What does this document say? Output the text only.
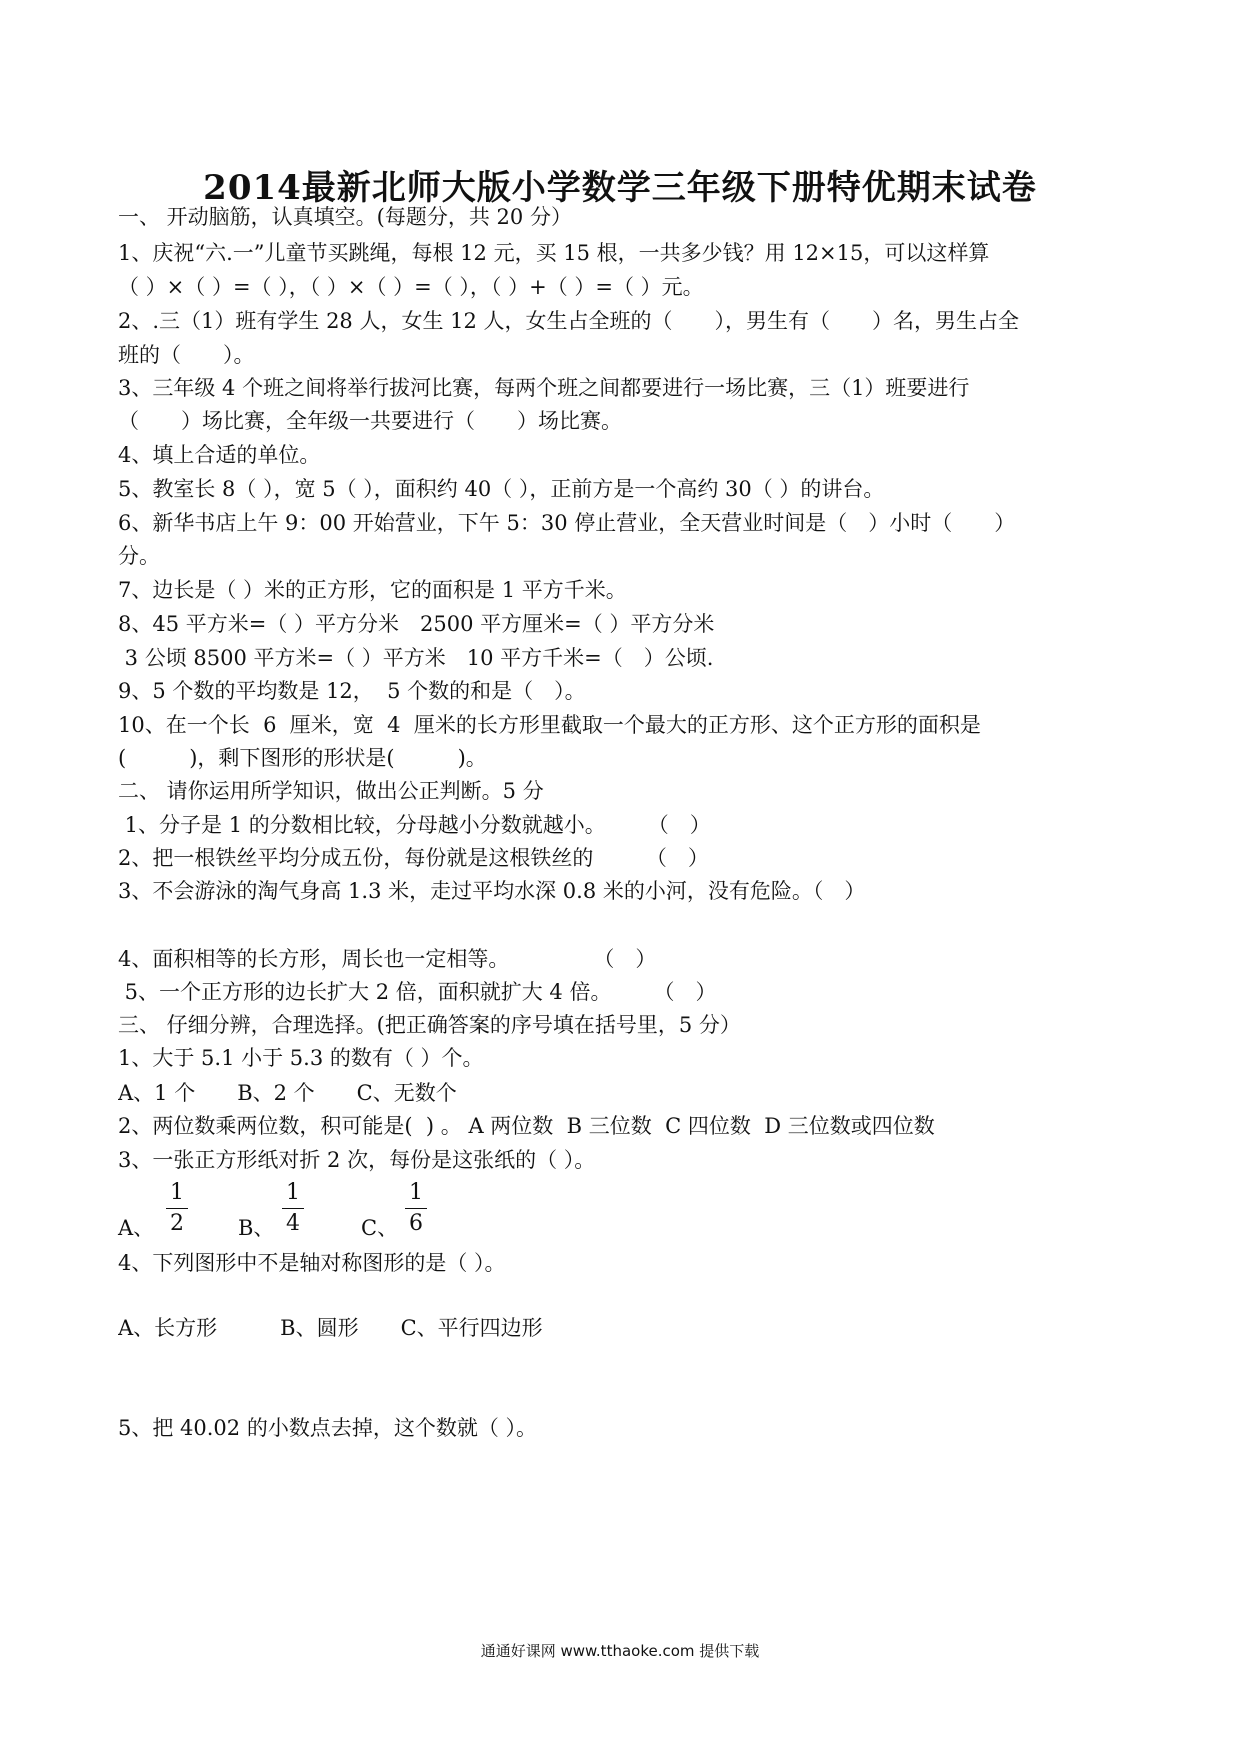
2014最新北师大版小学数学三年级下册特优期末试卷
一、 开动脑筋，认真填空。(每题分，共 20 分）
1、庆祝“六.一”儿童节买跳绳，每根 12 元，买 15 根，一共多少钱？用 12×15，可以这样算
（ ）×（ ）=（ ），（ ）×（ ）=（ ），（ ）+（ ）=（ ）元。
2、.三（1）班有学生 28 人，女生 12 人，女生占全班的（　　），男生有（　　）名，男生占全
班的（　　）。
3、三年级 4 个班之间将举行拔河比赛，每两个班之间都要进行一场比赛，三（1）班要进行
（　　）场比赛，全年级一共要进行（　　）场比赛。
4、填上合适的单位。
5、教室长 8（ ），宽 5（ ），面积约 40（ ），正前方是一个高约 30（ ）的讲台。
6、新华书店上午 9：00 开始营业，下午 5：30 停止营业，全天营业时间是（　）小时（　　）
分。
7、边长是（ ）米的正方形，它的面积是 1 平方千米。
8、45 平方米=（ ）平方分米　2500 平方厘米=（ ）平方分米
3 公顷 8500 平方米=（ ）平方米　10 平方千米=（　）公顷.
9、5 个数的平均数是 12，  5 个数的和是（　）。
10、在一个长  6  厘米，宽  4  厘米的长方形里截取一个最大的正方形、这个正方形的面积是
(　　　)，剩下图形的形状是(　　　)。
二、 请你运用所学知识，做出公正判断。5 分
1、分子是 1 的分数相比较，分母越小分数就越小。　　　（　）
2、把一根铁丝平均分成五份，每份就是这根铁丝的　　　（　）
3、不会游泳的淘气身高 1.3 米，走过平均水深 0.8 米的小河，没有危险。（　）
4、面积相等的长方形，周长也一定相等。　　　　　（　）
5、一个正方形的边长扩大 2 倍，面积就扩大 4 倍。　　　（　）
三、 仔细分辨，合理选择。(把正确答案的序号填在括号里，5 分）
1、大于 5.1 小于 5.3 的数有（ ）个。
A、1 个　　B、2 个　　C、无数个
2、两位数乘两位数，积可能是(  ) 。 A 两位数  B 三位数  C 四位数  D 三位数或四位数
3、一张正方形纸对折 2 次，每份是这张纸的（ ）。
A、
1
2	B、
1
4	C、
1
6
4、下列图形中不是轴对称图形的是（ ）。
A、长方形　　　B、圆形　　C、平行四边形
5、把 40.02 的小数点去掉，这个数就（ ）。
通通好课网 www.tthaoke.com 提供下载
